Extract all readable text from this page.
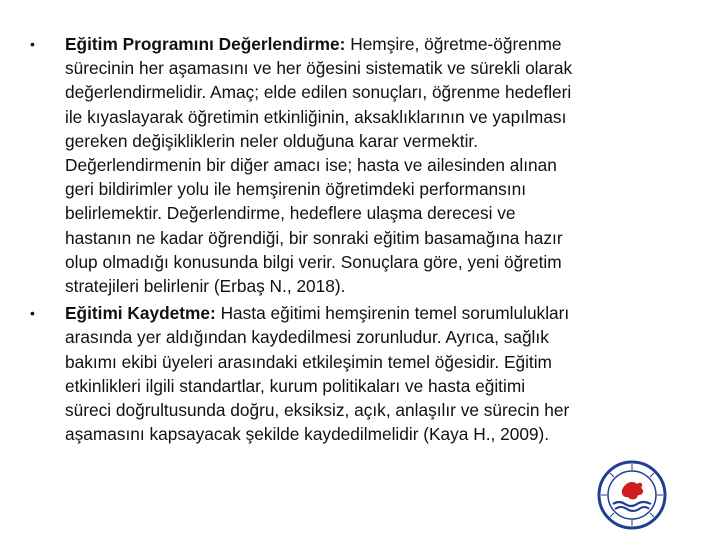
•	Eğitim Programını Değerlendirme: Hemşire, öğretme-öğrenme sürecinin her aşamasını ve her öğesini sistematik ve sürekli olarak değerlendirmelidir. Amaç; elde edilen sonuçları, öğrenme hedefleri ile kıyaslayarak öğretimin etkinliğinin, aksaklıklarının ve yapılması gereken değişikliklerin neler olduğuna karar vermektir. Değerlendirmenin bir diğer amacı ise; hasta ve ailesinden alınan geri bildirimler yolu ile hemşirenin öğretimdeki performansını belirlemektir. Değerlendirme, hedeflere ulaşma derecesi ve hastanın ne kadar öğrendiği, bir sonraki eğitim basamağına hazır olup olmadığı konusunda bilgi verir. Sonuçlara göre, yeni öğretim stratejileri belirlenir (Erbaş N., 2018).

•	Eğitimi Kaydetme: Hasta eğitimi hemşirenin temel sorumlulukları arasında yer aldığından kaydedilmesi zorunludur. Ayrıca, sağlık bakımı ekibi üyeleri arasındaki etkileşimin temel öğesidir. Eğitim etkinlikleri ilgili standartlar, kurum politikaları ve hasta eğitimi süreci doğrultusunda doğru, eksiksiz, açık, anlaşılır ve sürecin her aşamasını kapsayacak şekilde kaydedilmelidir (Kaya H., 2009).
